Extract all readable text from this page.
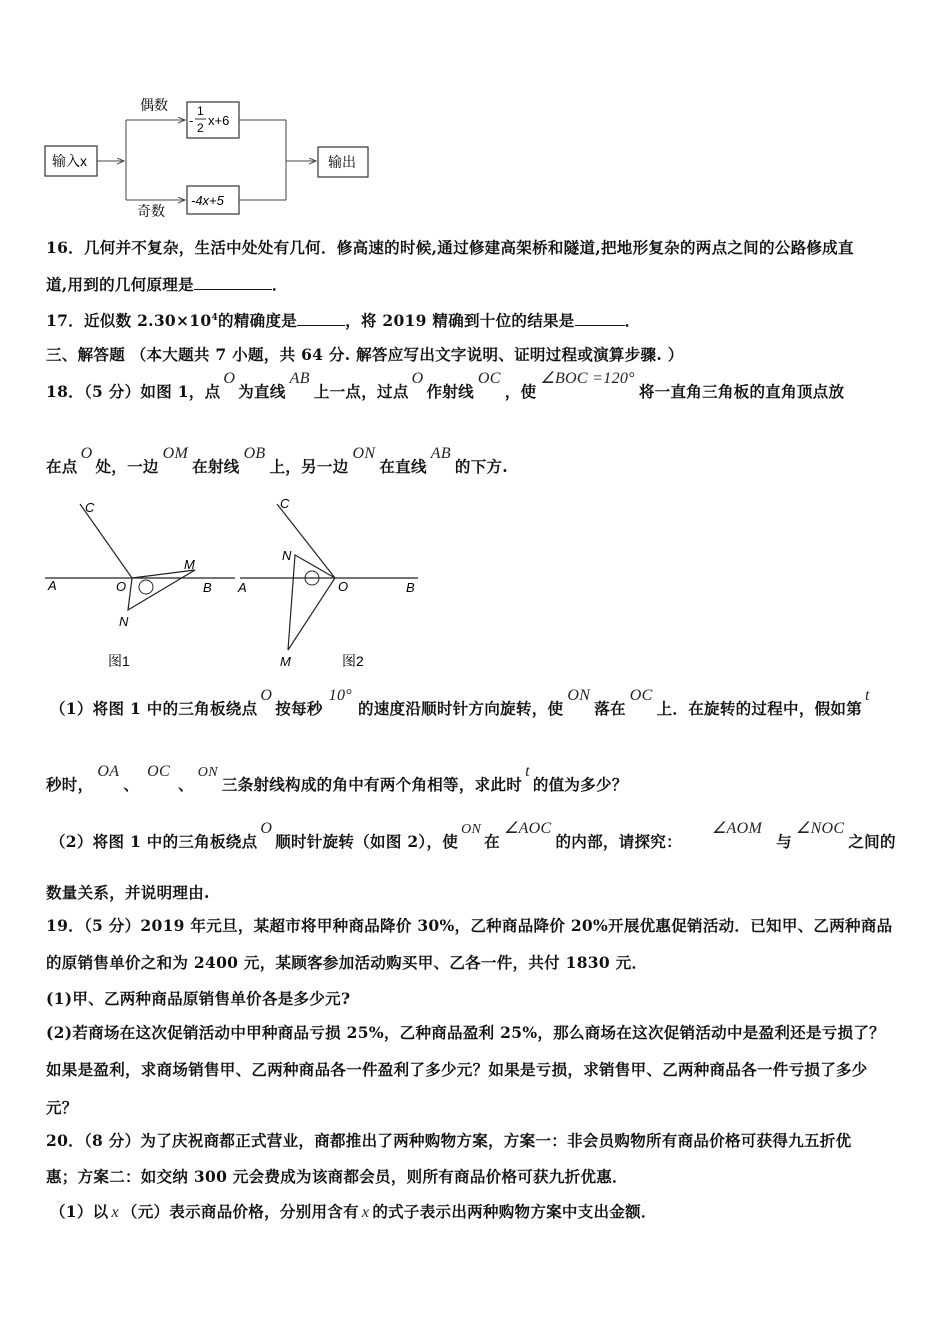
输入x
偶数
奇数
-
1
2 x+6
-4x+5
输出
16．几何并不复杂，生活中处处有几何．修高速的时候,通过修建高架桥和隧道,把地形复杂的两点之间的公路修成直
道,用到的几何原理是	．
17．近似数 $2.30\times 10^4$的精确度是	，将 2019 精确到十位的结果是	．
三、解答题 （本大题共 7 小题，共 64 分. 解答应写出文字说明、证明过程或演算步骤. ）
18．（5 分）如图 1，点O为直线AB上一点，过点O作射线OC，使∠BOC =120°将一直角三角板的直角顶点放
在点O处，一边OM在射线OB上，另一边ON在直线AB的下方.
A	B
C
O
M
N
图1
A	B
C
O
N
M	图2
（1）将图 1 中的三角板绕点O按每秒10°的速度沿顺时针方向旋转，使ON落在OC上．在旋转的过程中，假如第t
秒时，OA、OC、ON三条射线构成的角中有两个角相等，求此时t的值为多少？
（2）将图 1 中的三角板绕点O顺时针旋转（如图 2），使ON在∠AOC的内部，请探究：∠AOM与∠NOC之间的
数量关系，并说明理由.
19．（5 分）2019 年元旦，某超市将甲种商品降价 30%，乙种商品降价 20%开展优惠促销活动．已知甲、乙两种商品
的原销售单价之和为 2400 元，某顾客参加活动购买甲、乙各一件，共付 1830 元．
(1)甲、乙两种商品原销售单价各是多少元?
(2)若商场在这次促销活动中甲种商品亏损 25%，乙种商品盈利 25%，那么商场在这次促销活动中是盈利还是亏损了？
如果是盈利，求商场销售甲、乙两种商品各一件盈利了多少元？如果是亏损，求销售甲、乙两种商品各一件亏损了多少
元？
20．（8 分）为了庆祝商都正式营业，商都推出了两种购物方案，方案一：非会员购物所有商品价格可获得九五折优
惠；方案二：如交纳 300 元会费成为该商都会员，则所有商品价格可获九折优惠．
（1）以 x （元）表示商品价格，分别用含有 x 的式子表示出两种购物方案中支出金额．
